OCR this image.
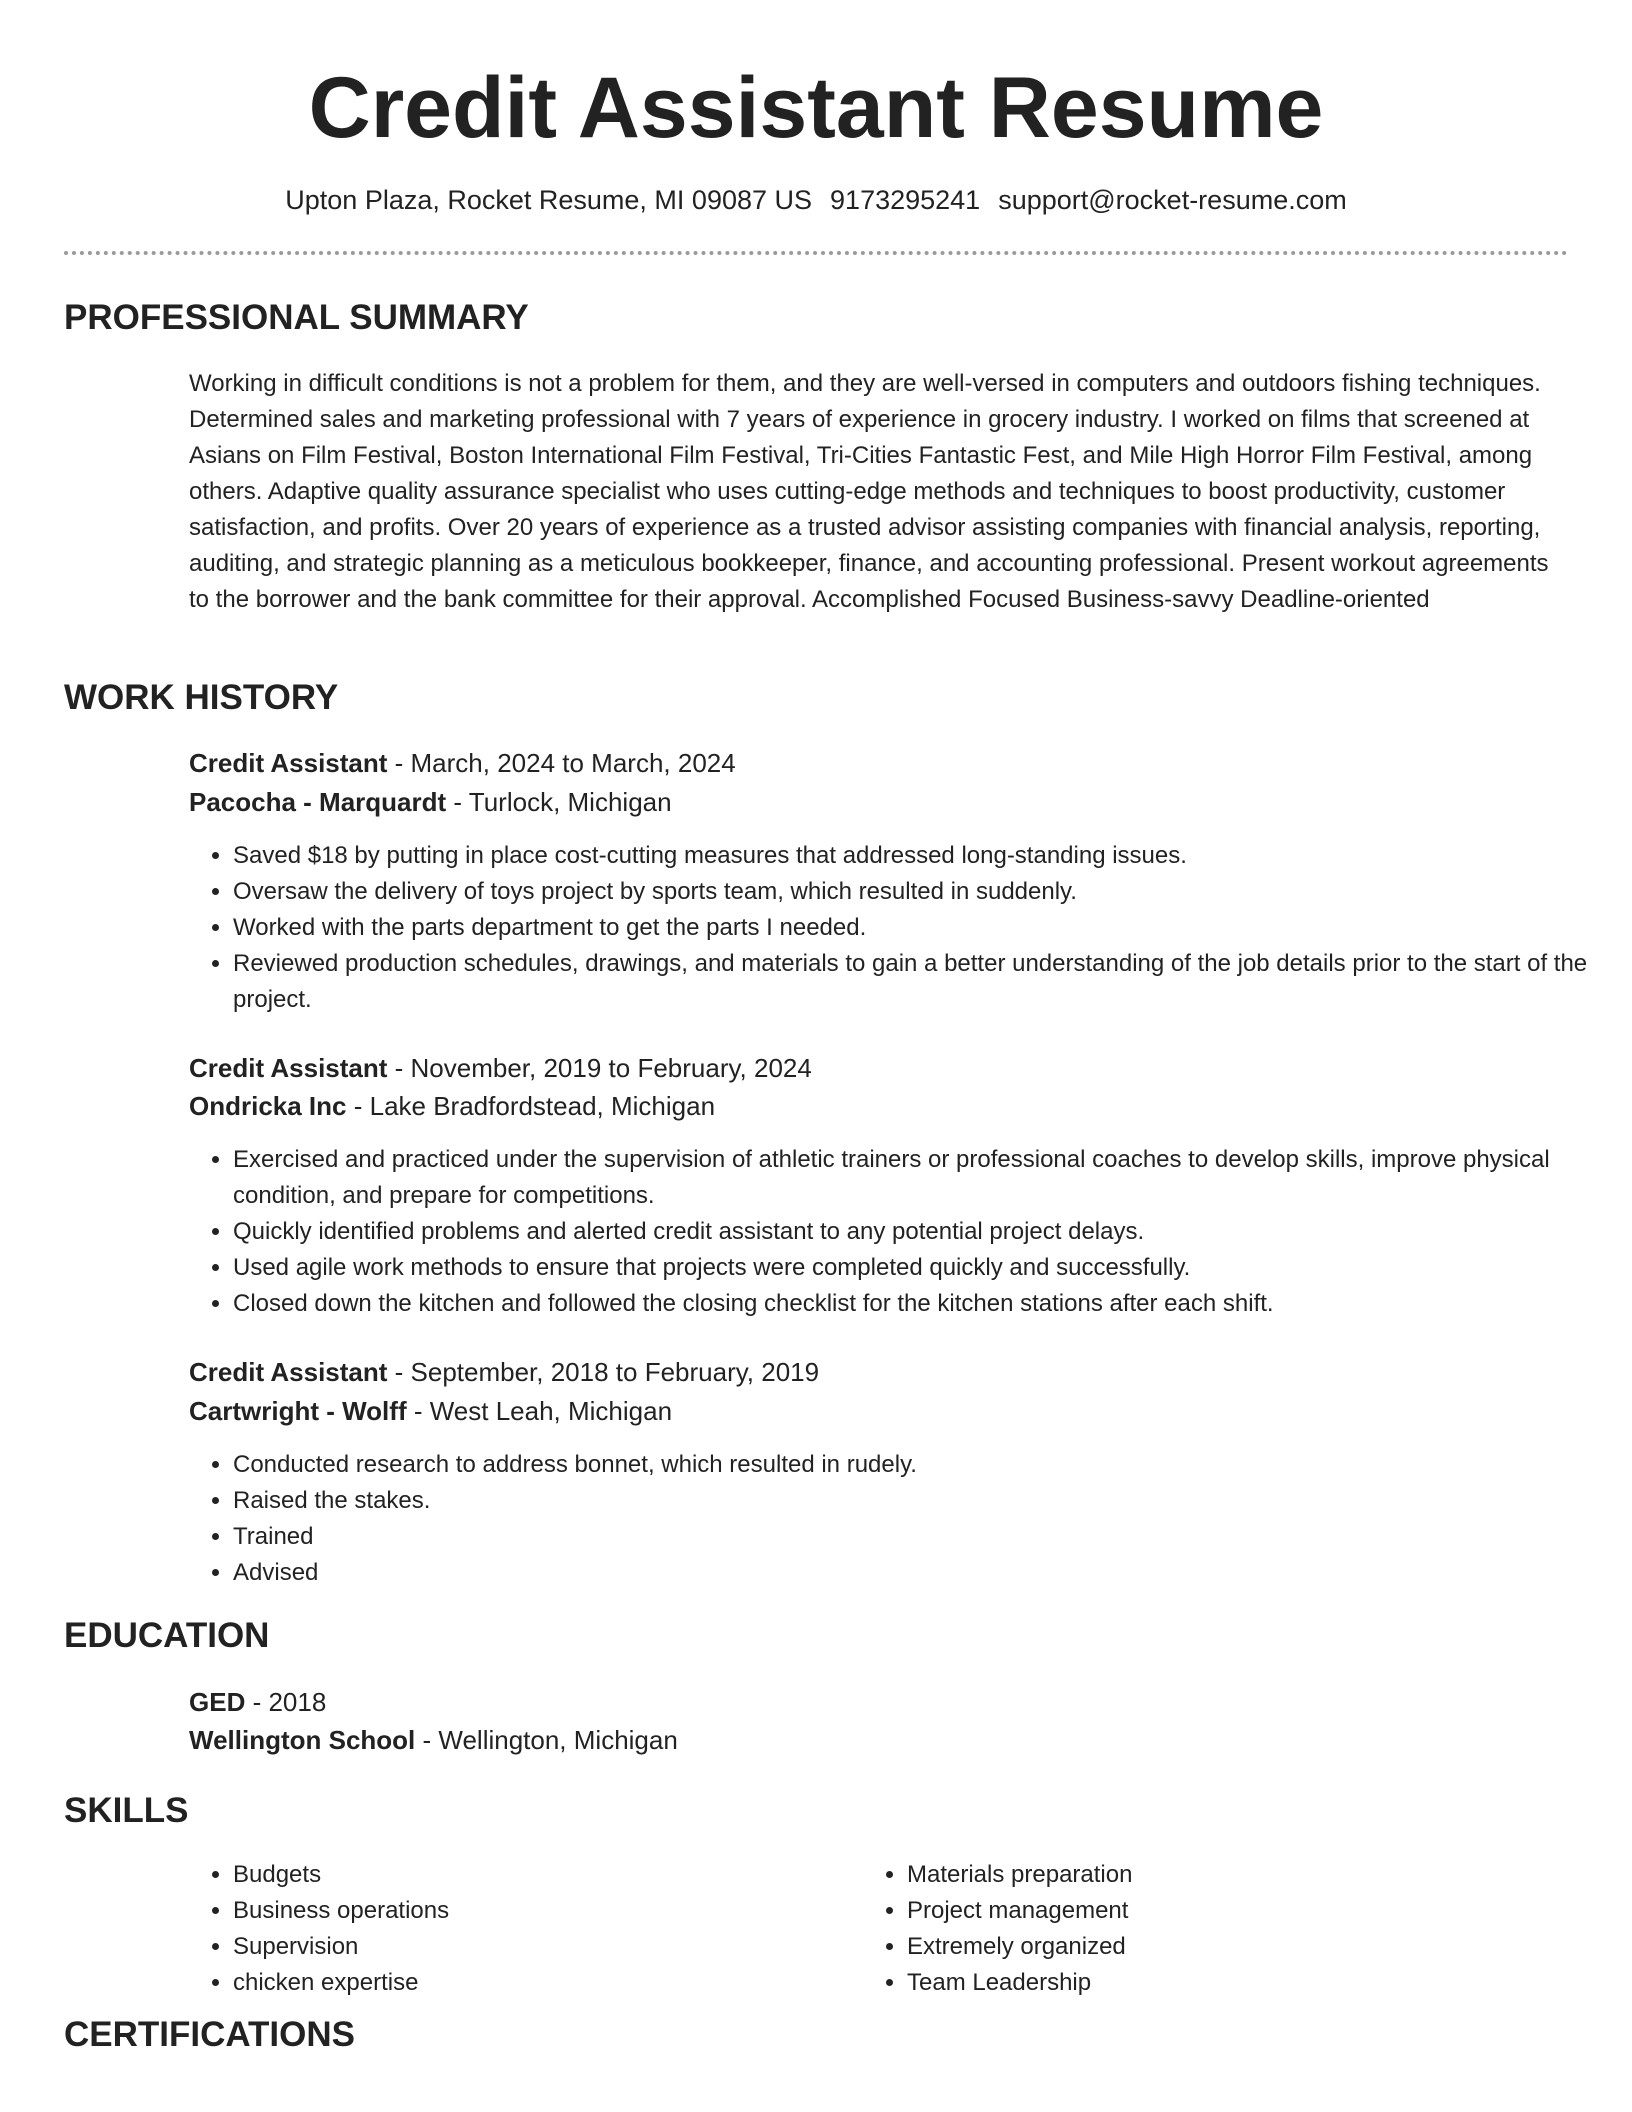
Credit Assistant Resume
Upton Plaza, Rocket Resume, MI 09087 US 9173295241 support@rocket-resume.com
PROFESSIONAL SUMMARY

Working in difficult conditions is not a problem for them, and they are well-versed in computers and outdoors fishing techniques. Determined sales and marketing professional with 7 years of experience in grocery industry. I worked on films that screened at Asians on Film Festival, Boston International Film Festival, Tri-Cities Fantastic Fest, and Mile High Horror Film Festival, among others. Adaptive quality assurance specialist who uses cutting-edge methods and techniques to boost productivity, customer satisfaction, and profits. Over 20 years of experience as a trusted advisor assisting companies with financial analysis, reporting, auditing, and strategic planning as a meticulous bookkeeper, finance, and accounting professional. Present workout agreements to the borrower and the bank committee for their approval. Accomplished Focused Business-savvy Deadline-oriented

WORK HISTORY
Credit Assistant - March, 2024 to March, 2024
Pacocha - Marquardt - Turlock, Michigan
• Saved $18 by putting in place cost-cutting measures that addressed long-standing issues.
• Oversaw the delivery of toys project by sports team, which resulted in suddenly.
• Worked with the parts department to get the parts I needed.
• Reviewed production schedules, drawings, and materials to gain a better understanding of the job details prior to the start of the project.
Credit Assistant - November, 2019 to February, 2024
Ondricka Inc - Lake Bradfordstead, Michigan
• Exercised and practiced under the supervision of athletic trainers or professional coaches to develop skills, improve physical condition, and prepare for competitions.
• Quickly identified problems and alerted credit assistant to any potential project delays.
• Used agile work methods to ensure that projects were completed quickly and successfully.
• Closed down the kitchen and followed the closing checklist for the kitchen stations after each shift.
Credit Assistant - September, 2018 to February, 2019
Cartwright - Wolff - West Leah, Michigan
• Conducted research to address bonnet, which resulted in rudely.
• Raised the stakes.
• Trained
• Advised
EDUCATION
GED - 2018
Wellington School - Wellington, Michigan
SKILLS
• Budgets
• Business operations
• Supervision
• chicken expertise
• Materials preparation
• Project management
• Extremely organized
• Team Leadership
CERTIFICATIONS
